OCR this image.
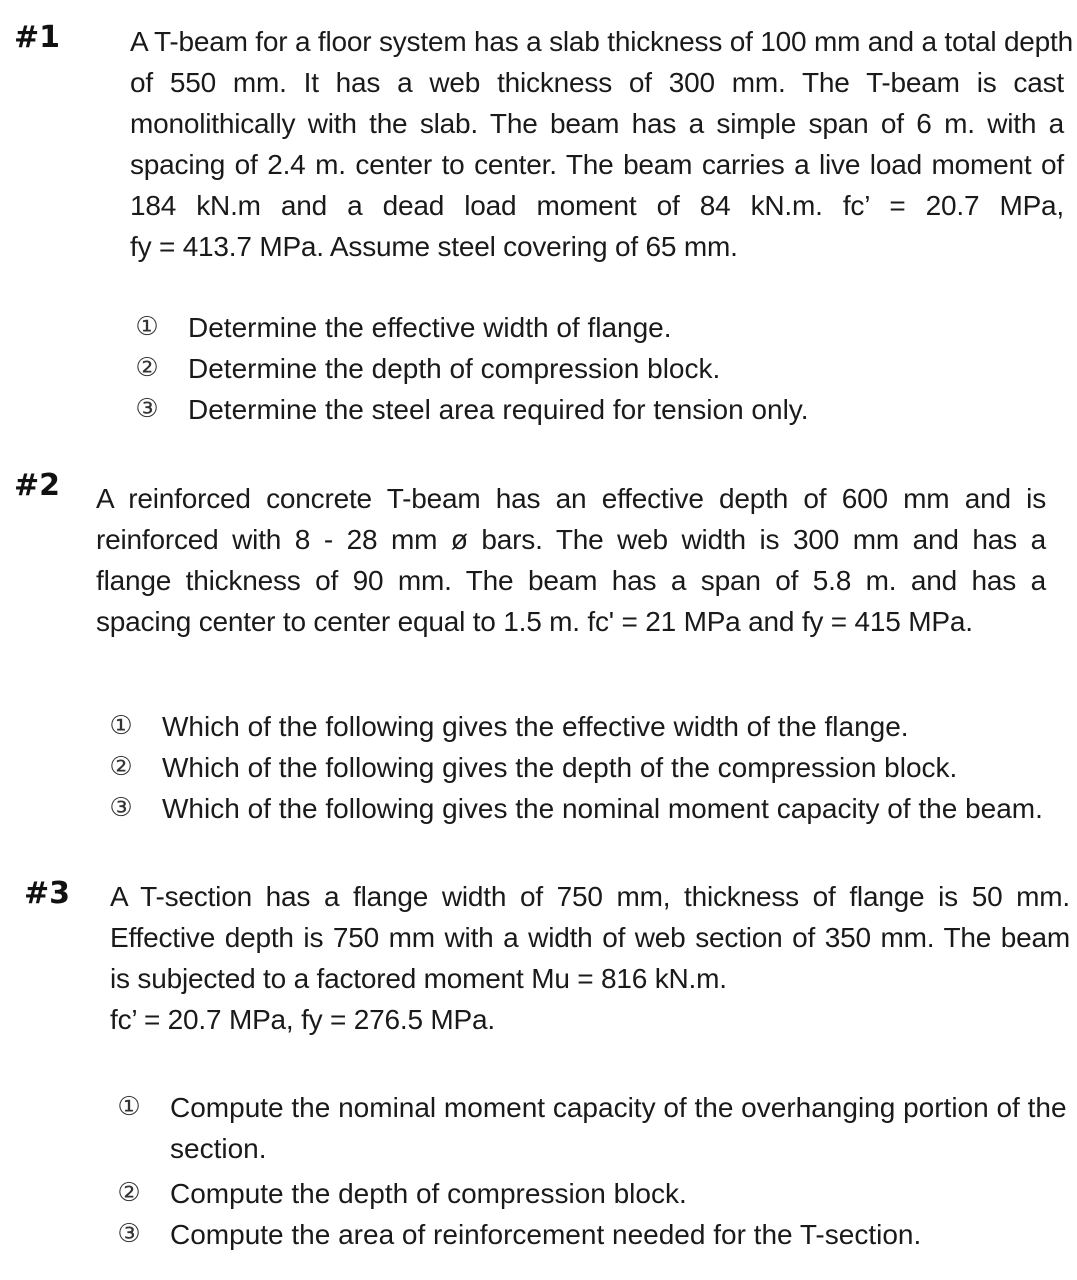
#1 A T-beam for a floor system has a slab thickness of 100 mm and a total depth
of 550 mm. It has a web thickness of 300 mm. The T-beam is cast
monolithically with the slab. The beam has a simple span of 6 m. with a
spacing of 2.4 m. center to center. The beam carries a live load moment of
184 kN.m and a dead load moment of 84 kN.m. fc’ = 20.7 MPa,
fy = 413.7 MPa. Assume steel covering of 65 mm.
① Determine the effective width of flange.
② Determine the depth of compression block.
③ Determine the steel area required for tension only.
#2 A reinforced concrete T-beam has an effective depth of 600 mm and is
reinforced with 8 - 28 mm ø bars. The web width is 300 mm and has a
flange thickness of 90 mm. The beam has a span of 5.8 m. and has a
spacing center to center equal to 1.5 m. fc' = 21 MPa and fy = 415 MPa.
① Which of the following gives the effective width of the flange.
② Which of the following gives the depth of the compression block.
③ Which of the following gives the nominal moment capacity of the beam.
#3 A T-section has a flange width of 750 mm, thickness of flange is 50 mm.
Effective depth is 750 mm with a width of web section of 350 mm. The beam
is subjected to a factored moment Mu = 816 kN.m.
fc’ = 20.7 MPa, fy = 276.5 MPa.
① Compute the nominal moment capacity of the overhanging portion of the section.
② Compute the depth of compression block.
③ Compute the area of reinforcement needed for the T-section.
